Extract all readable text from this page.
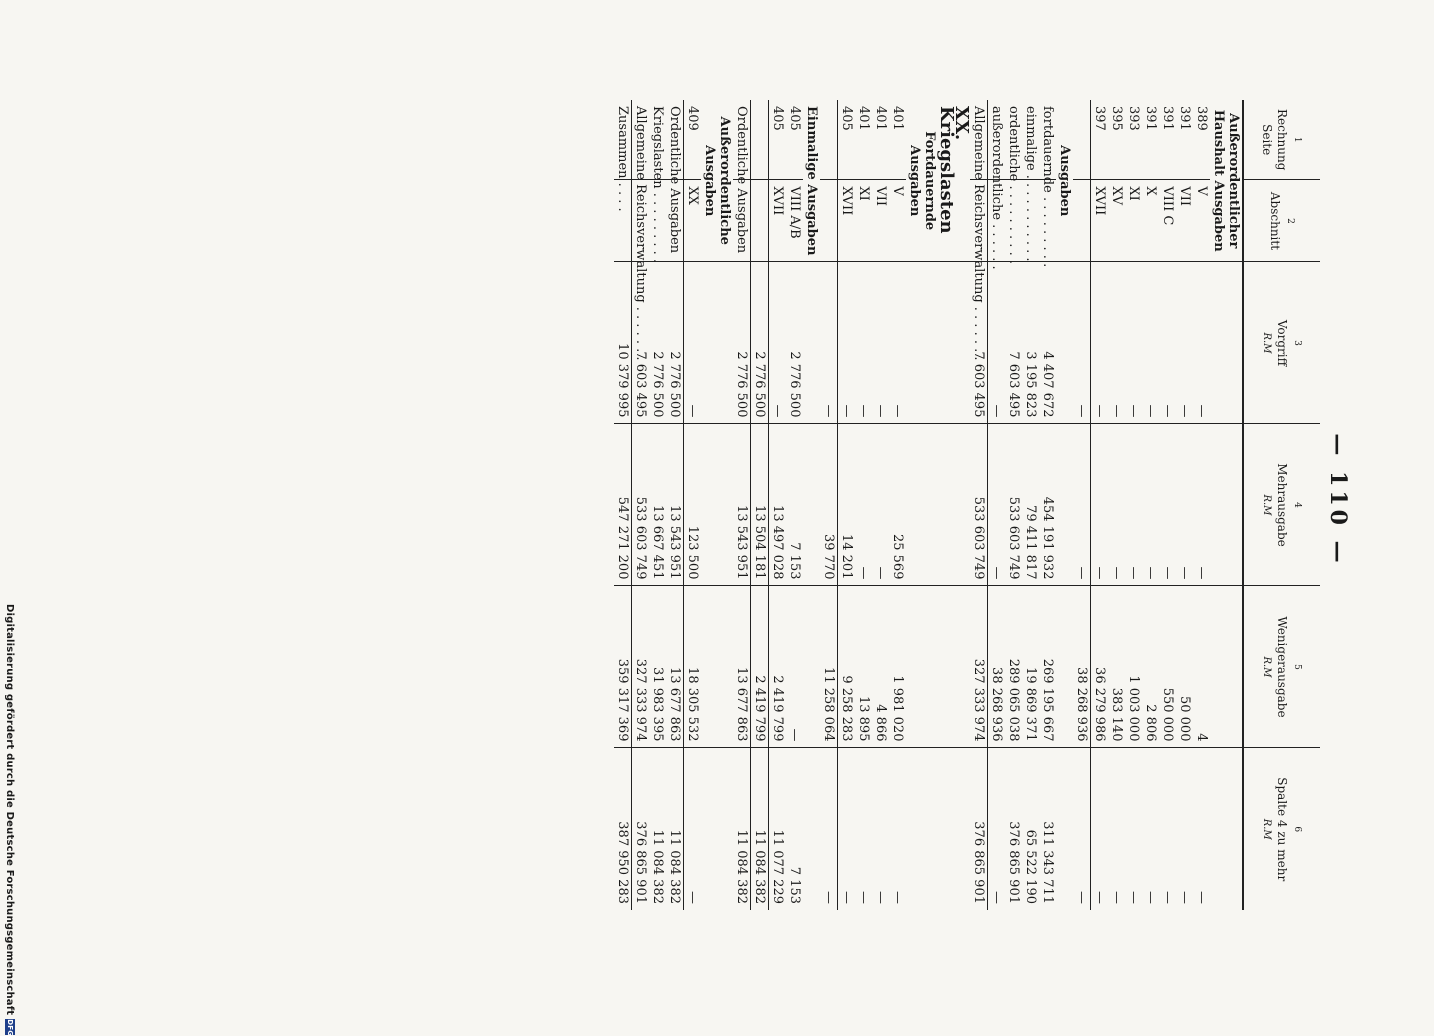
Digitalisierung gefördert durch die Deutsche Forschungsgemeinschaft
DFG
— 110 —
1
Rechnung Seite	2
Abschnitt	3
Vorgriff
R.M	4
Mehrausgabe
R.M	5
Wenigerausgabe
R.M	6
Spalte 4 zu mehr
R.M

Außerordentlicher Haushalt Ausgaben					
389	V	—	—	4	—
391	VII	—	—	50 000	—
391	VIII C	—	—	550 000	—
391	X	—	—	2 806	—
393	XI	—	—	1 003 000	—
395	XV	—	—	383 140	—
397	XVII	—	—	36 279 986	—
		—	—	38 268 936	—
Ausgaben					
fortdauernde . . . . . . . . .		4 407 672	454 191 932	269 195 667	311 343 711
einmalige . . . . . . . . . . .		3 195 823	79 411 817	19 869 371	65 522 190
ordentliche . . . . . . . . . .		7 603 495	533 603 749	289 065 038	376 865 901
außerordentliche . . . . . .		—	—	38 268 936	—
Allgemeine Reichsverwaltung . . . . . . .		7 603 495	533 603 749	327 333 974	376 865 901
XX. Kriegslasten					
Fortdauernde Ausgaben					
401	V	—	25 569	1 981 020	—
401	VII	—	—	4 866	—
401	XI	—	—	13 895	—
405	XVII	—	14 201	9 258 283	—
		—	39 770	11 258 064	—
Einmalige Ausgaben					
405	VIII A/B	2 776 500	7 153	—	7 153
405	XVII	—	13 497 028	2 419 799	11 077 229
		2 776 500	13 504 181	2 419 799	11 084 382
Ordentliche Ausgaben		2 776 500	13 543 951	13 677 863	11 084 382
Außerordentliche Ausgaben					
409	XX	—	123 500	18 305 532	—
Ordentliche Ausgaben		2 776 500	13 543 951	13 677 863	11 084 382
Kriegslasten . . . . . . . . .		2 776 500	13 667 451	31 983 395	11 084 382
Allgemeine Reichsverwaltung . . . . . . .		7 603 495	533 603 749	327 333 974	376 865 901
Zusammen . . . .		10 379 995	547 271 200	359 317 369	387 950 283
